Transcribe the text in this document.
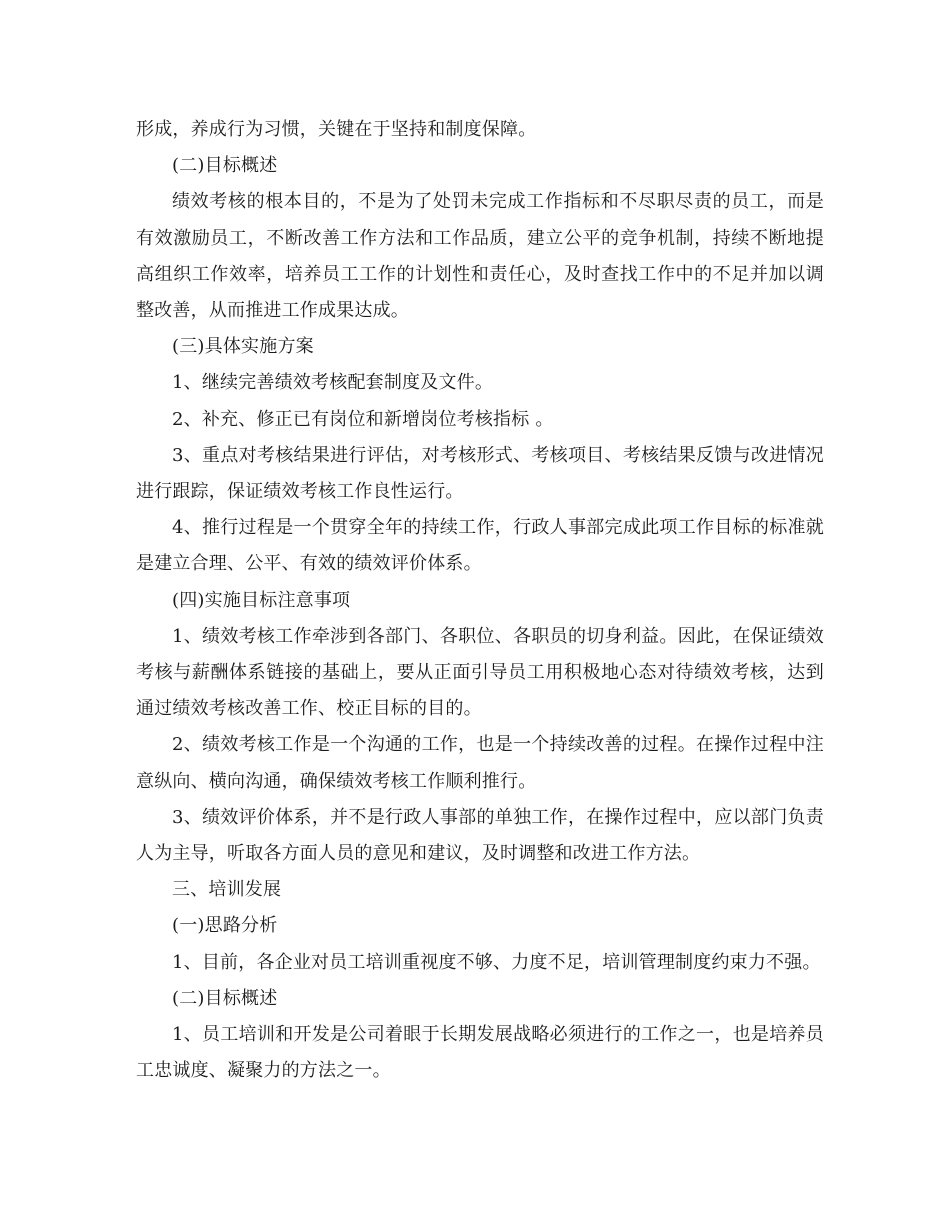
形成，养成行为习惯，关键在于坚持和制度保障。

(二)目标概述

绩效考核的根本目的，不是为了处罚未完成工作指标和不尽职尽责的员工，而是有效激励员工，不断改善工作方法和工作品质，建立公平的竞争机制，持续不断地提高组织工作效率，培养员工工作的计划性和责任心，及时查找工作中的不足并加以调整改善，从而推进工作成果达成。

(三)具体实施方案

1、继续完善绩效考核配套制度及文件。

2、补充、修正已有岗位和新增岗位考核指标 。

3、重点对考核结果进行评估，对考核形式、考核项目、考核结果反馈与改进情况进行跟踪，保证绩效考核工作良性运行。

4、推行过程是一个贯穿全年的持续工作，行政人事部完成此项工作目标的标准就是建立合理、公平、有效的绩效评价体系。

(四)实施目标注意事项

1、绩效考核工作牵涉到各部门、各职位、各职员的切身利益。因此，在保证绩效考核与薪酬体系链接的基础上，要从正面引导员工用积极地心态对待绩效考核，达到通过绩效考核改善工作、校正目标的目的。

2、绩效考核工作是一个沟通的工作，也是一个持续改善的过程。在操作过程中注意纵向、横向沟通，确保绩效考核工作顺利推行。

3、绩效评价体系，并不是行政人事部的单独工作，在操作过程中，应以部门负责人为主导，听取各方面人员的意见和建议，及时调整和改进工作方法。

三、培训发展

(一)思路分析

1、目前，各企业对员工培训重视度不够、力度不足，培训管理制度约束力不强。

(二)目标概述

1、员工培训和开发是公司着眼于长期发展战略必须进行的工作之一，也是培养员工忠诚度、凝聚力的方法之一。
